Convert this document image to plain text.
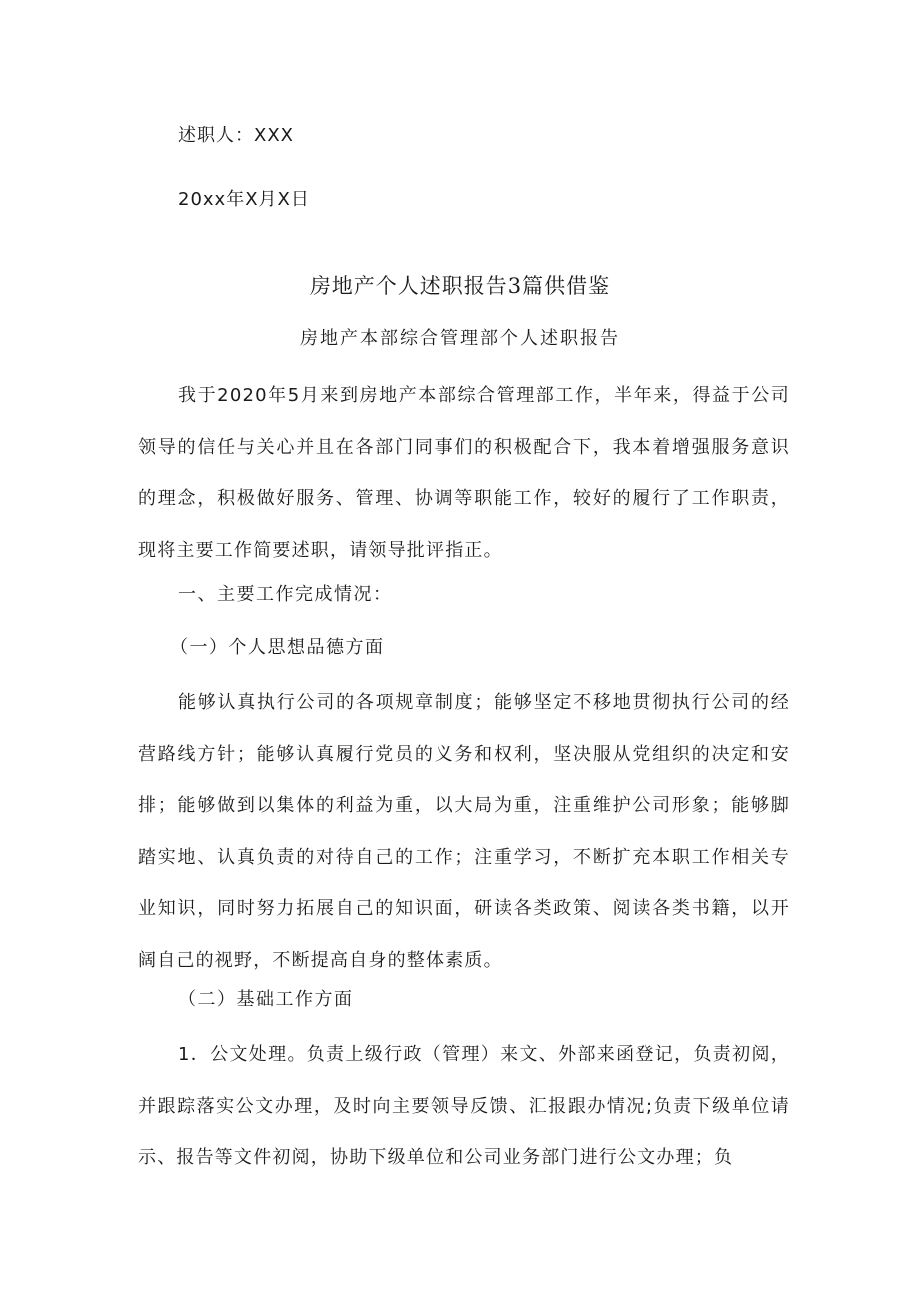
述职人：XXX
20xx年X月X日
房地产个人述职报告3篇供借鉴
房地产本部综合管理部个人述职报告

我于2020年5月来到房地产本部综合管理部工作，半年来，得益于公司领导的信任与关心并且在各部门同事们的积极配合下，我本着增强服务意识的理念，积极做好服务、管理、协调等职能工作，较好的履行了工作职责，现将主要工作简要述职，请领导批评指正。

一、主要工作完成情况：
（一）个人思想品德方面

能够认真执行公司的各项规章制度；能够坚定不移地贯彻执行公司的经营路线方针；能够认真履行党员的义务和权利，坚决服从党组织的决定和安排；能够做到以集体的利益为重，以大局为重，注重维护公司形象；能够脚踏实地、认真负责的对待自己的工作；注重学习，不断扩充本职工作相关专业知识，同时努力拓展自己的知识面，研读各类政策、阅读各类书籍，以开阔自己的视野，不断提高自身的整体素质。

（二）基础工作方面

1．公文处理。负责上级行政（管理）来文、外部来函登记，负责初阅，并跟踪落实公文办理，及时向主要领导反馈、汇报跟办情况;负责下级单位请示、报告等文件初阅，协助下级单位和公司业务部门进行公文办理；负
